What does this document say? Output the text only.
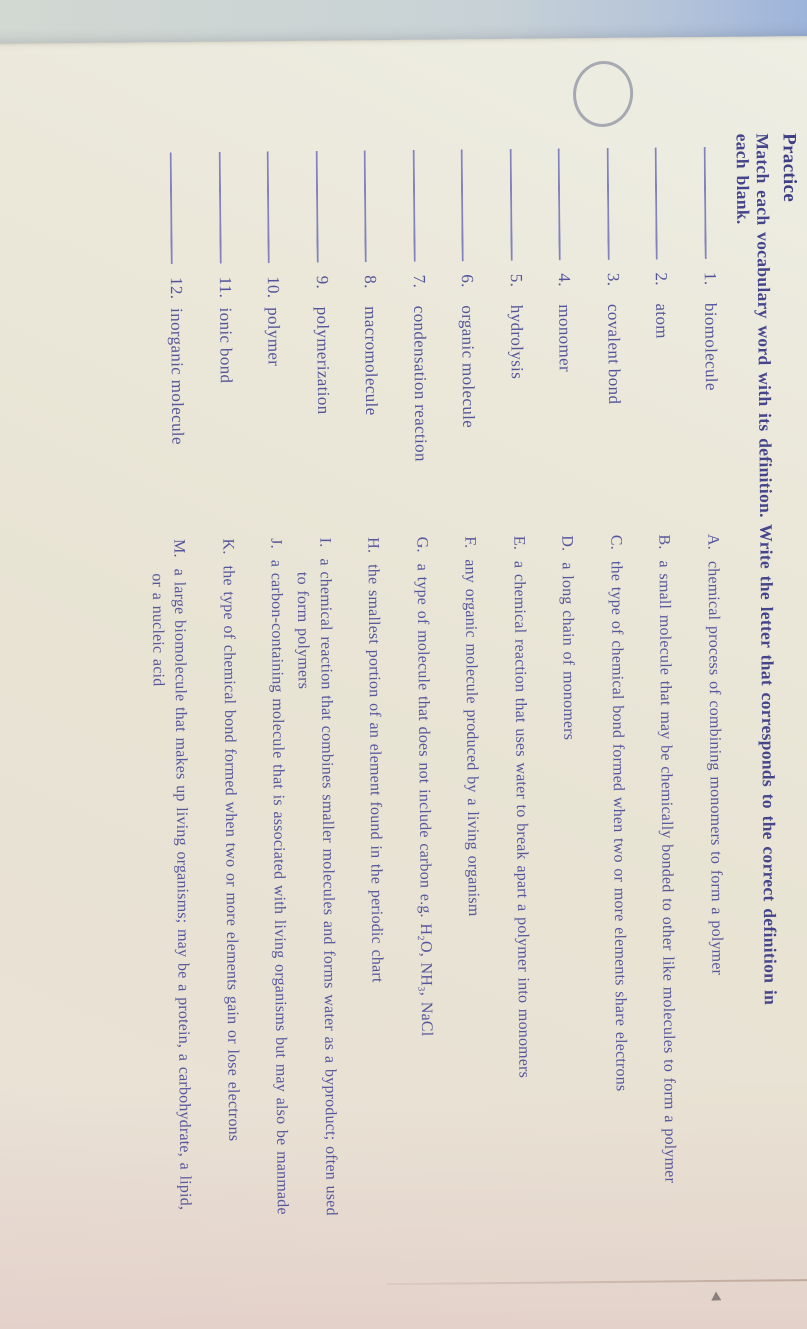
Practice
Match each vocabulary word with its definition. Write the letter that corresponds to the correct definition in
each blank.
1.
biomolecule
A.chemical process of combining monomers to form a polymer
2.
atom
B.a small molecule that may be chemically bonded to other like molecules to form a polymer
3.
covalent bond
C.the type of chemical bond formed when two or more elements share electrons
4.
monomer
D.a long chain of monomers
5.
hydrolysis
E.a chemical reaction that uses water to break apart a polymer into monomers
6.
organic molecule
F.any organic molecule produced by a living organism
7.
condensation reaction
G.a type of molecule that does not include carbon e.g. H₂O, NH₃, NaCl
8.
macromolecule
H.the smallest portion of an element found in the periodic chart
9.
polymerization
I.a chemical reaction that combines smaller molecules and forms water as a byproduct; often used to form polymers
10.
polymer
J.a carbon-containing molecule that is associated with living organisms but may also be manmade
11.
ionic bond
K.the type of chemical bond formed when two or more elements gain or lose electrons
12.
inorganic molecule
M.a large biomolecule that makes up living organisms; may be a protein, a carbohydrate, a lipid, or a nucleic acid
